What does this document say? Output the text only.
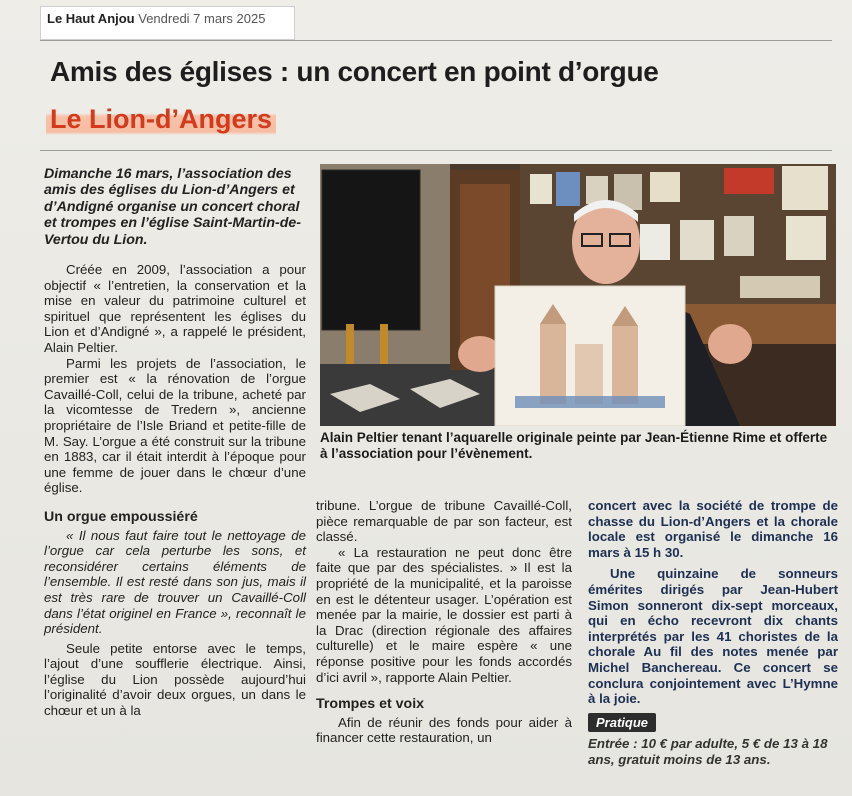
Le Haut Anjou Vendredi 7 mars 2025
Amis des églises : un concert en point d’orgue
Le Lion-d’Angers

Dimanche 16 mars, l’association des amis des églises du Lion-d’Angers et d’Andigné organise un concert choral et trompes en l’église Saint-Martin-de-Vertou du Lion.

Créée en 2009, l’association a pour objectif « l’entretien, la conservation et la mise en valeur du patrimoine culturel et spirituel que représentent les églises du Lion et d’Andigné », a rappelé le président, Alain Peltier.

Parmi les projets de l’association, le premier est « la rénovation de l’orgue Cavaillé-Coll, celui de la tribune, acheté par la vicomtesse de Tredern », ancienne propriétaire de l’Isle Briand et petite-fille de M. Say. L’orgue a été construit sur la tribune en 1883, car il était interdit à l’époque pour une femme de jouer dans le chœur d’une église.

Un orgue empoussiéré

« Il nous faut faire tout le nettoyage de l’orgue car cela perturbe les sons, et reconsidérer certains éléments de l’ensemble. Il est resté dans son jus, mais il est très rare de trouver un Cavaillé-Coll dans l’état originel en France », reconnaît le président.

Seule petite entorse avec le temps, l’ajout d’une soufflerie électrique. Ainsi, l’église du Lion possède aujourd’hui l’originalité d’avoir deux orgues, un dans le chœur et un à la

Alain Peltier tenant l’aquarelle originale peinte par Jean-Étienne Rime et offerte à l’association pour l’évènement.

tribune. L’orgue de tribune Cavaillé-Coll, pièce remarquable de par son facteur, est classé.

« La restauration ne peut donc être faite que par des spécialistes. » Il est la propriété de la municipalité, et la paroisse en est le détenteur usager. L’opération est menée par la mairie, le dossier est parti à la Drac (direction régionale des affaires culturelle) et le maire espère « une réponse positive pour les fonds accordés d’ici avril », rapporte Alain Peltier.

Trompes et voix

Afin de réunir des fonds pour aider à financer cette restauration, un

concert avec la société de trompe de chasse du Lion-d’Angers et la chorale locale est organisé le dimanche 16 mars à 15 h 30.

Une quinzaine de sonneurs émérites dirigés par Jean-Hubert Simon sonneront dix-sept morceaux, qui en écho recevront dix chants interprétés par les 41 choristes de la chorale Au fil des notes menée par Michel Banchereau. Ce concert se conclura conjointement avec L’Hymne à la joie.

Pratique

Entrée : 10 € par adulte, 5 € de 13 à 18 ans, gratuit moins de 13 ans.
